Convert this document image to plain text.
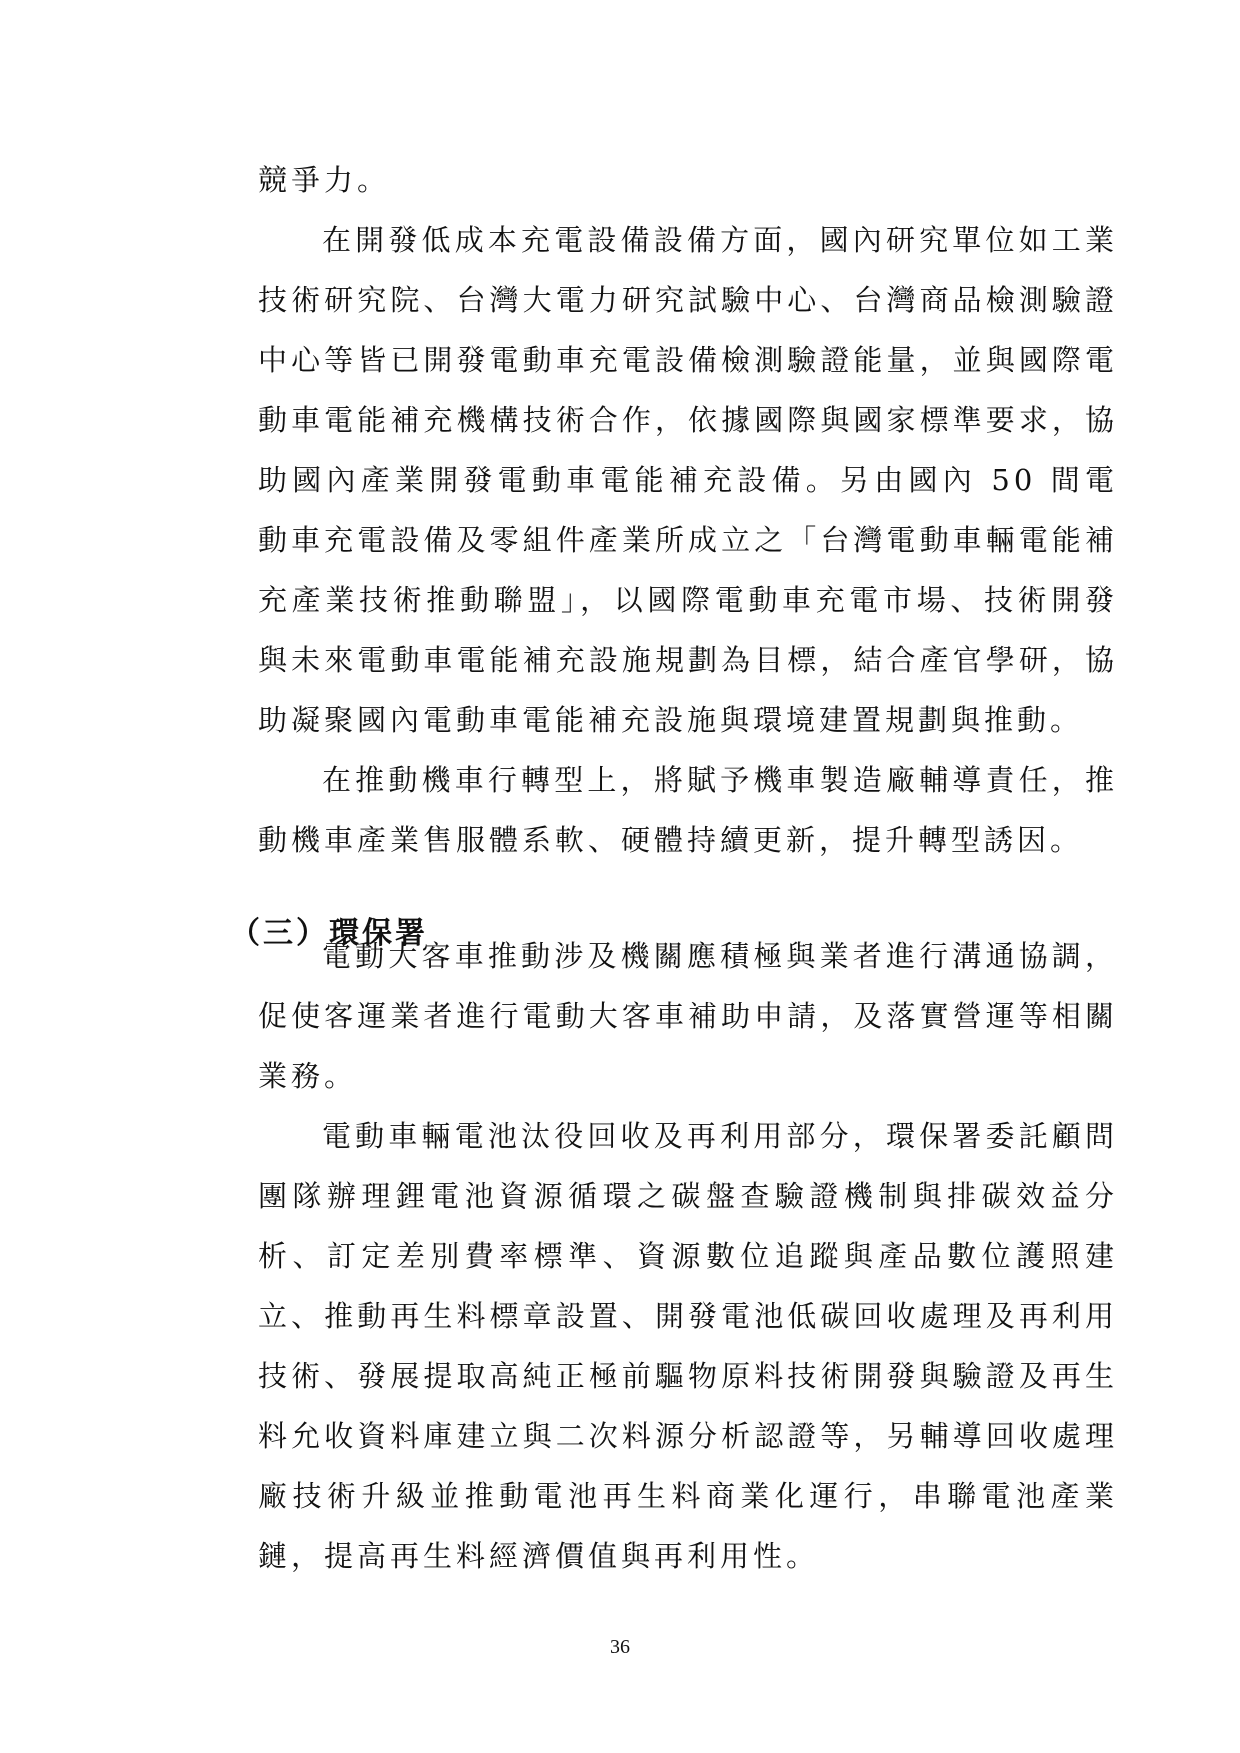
競爭力。

在開發低成本充電設備設備方面，國內研究單位如工業技術研究院、台灣大電力研究試驗中心、台灣商品檢測驗證中心等皆已開發電動車充電設備檢測驗證能量，並與國際電動車電能補充機構技術合作，依據國際與國家標準要求，協助國內產業開發電動車電能補充設備。另由國內 50 間電動車充電設備及零組件產業所成立之「台灣電動車輛電能補充產業技術推動聯盟」，以國際電動車充電市場、技術開發與未來電動車電能補充設施規劃為目標，結合產官學研，協助凝聚國內電動車電能補充設施與環境建置規劃與推動。

在推動機車行轉型上，將賦予機車製造廠輔導責任，推動機車產業售服體系軟、硬體持續更新，提升轉型誘因。

（三）環保署

電動大客車推動涉及機關應積極與業者進行溝通協調，促使客運業者進行電動大客車補助申請，及落實營運等相關業務。

電動車輛電池汰役回收及再利用部分，環保署委託顧問團隊辦理鋰電池資源循環之碳盤查驗證機制與排碳效益分析、訂定差別費率標準、資源數位追蹤與產品數位護照建立、推動再生料標章設置、開發電池低碳回收處理及再利用技術、發展提取高純正極前驅物原料技術開發與驗證及再生料允收資料庫建立與二次料源分析認證等，另輔導回收處理廠技術升級並推動電池再生料商業化運行，串聯電池產業鏈，提高再生料經濟價值與再利用性。

36
